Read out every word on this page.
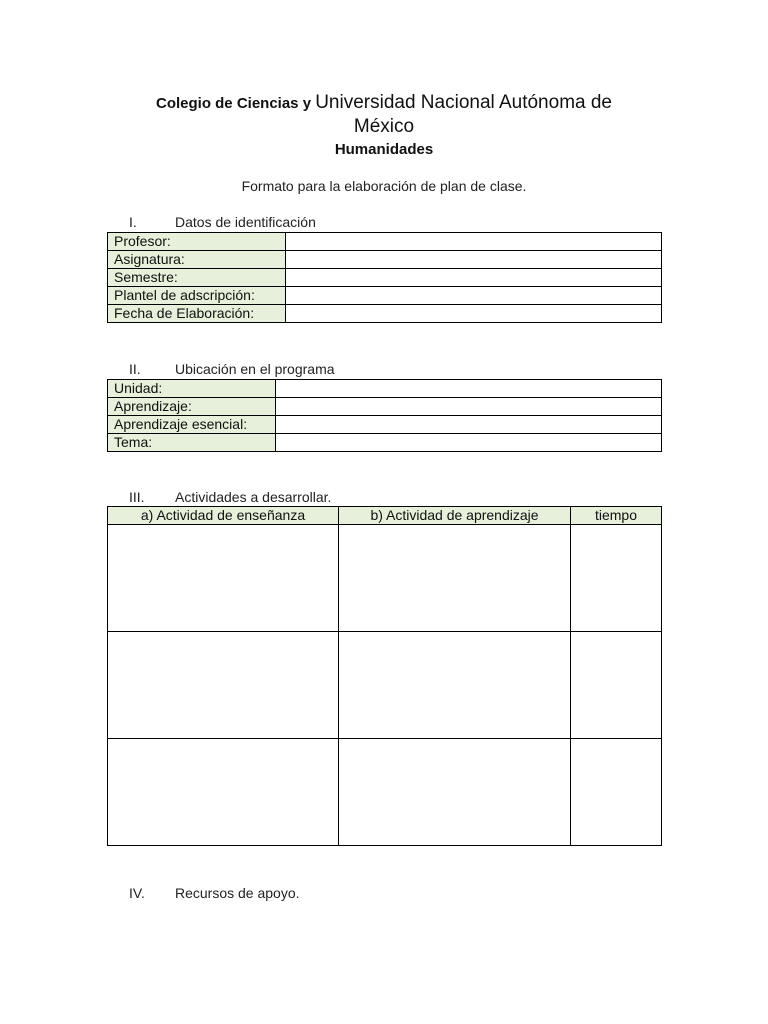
Colegio de Ciencias y Universidad Nacional Autónoma de
México
Humanidades
Formato para la elaboración de plan de clase.
I.	Datos de identificación
Profesor:	
Asignatura:	
Semestre:	
Plantel de adscripción:	
Fecha de Elaboración:	
II. Ubicación en el programa
Unidad:	
Aprendizaje:	
Aprendizaje esencial:	
Tema:	
III. Actividades a desarrollar.
a) Actividad de enseñanza	b) Actividad de aprendizaje	tiempo

IV. Recursos de apoyo.
